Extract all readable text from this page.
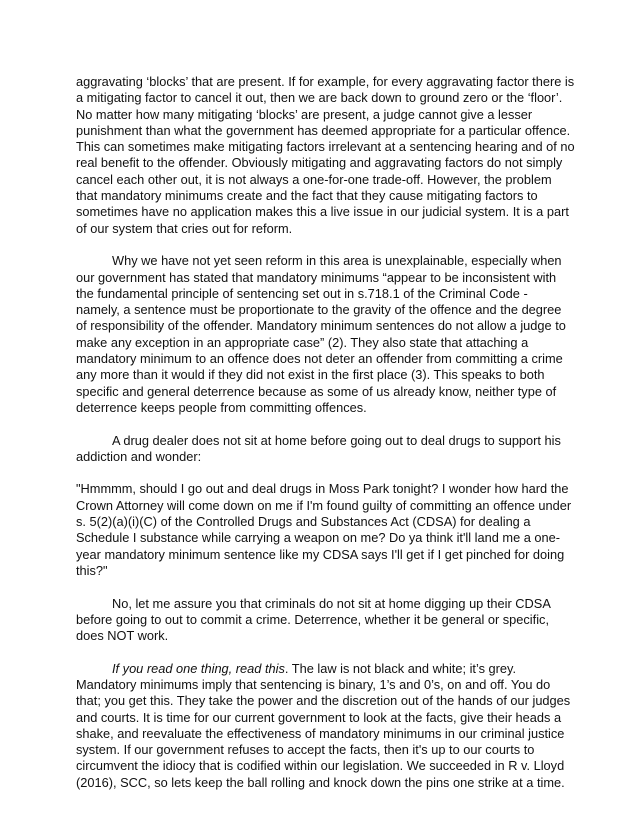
aggravating ‘blocks’ that are present. If for example, for every aggravating factor there is
a mitigating factor to cancel it out, then we are back down to ground zero or the ‘floor’.
No matter how many mitigating ‘blocks’ are present, a judge cannot give a lesser
punishment than what the government has deemed appropriate for a particular offence.
This can sometimes make mitigating factors irrelevant at a sentencing hearing and of no
real benefit to the offender. Obviously mitigating and aggravating factors do not simply
cancel each other out, it is not always a one-for-one trade-off. However, the problem
that mandatory minimums create and the fact that they cause mitigating factors to
sometimes have no application makes this a live issue in our judicial system. It is a part
of our system that cries out for reform.
Why we have not yet seen reform in this area is unexplainable, especially when
our government has stated that mandatory minimums “appear to be inconsistent with
the fundamental principle of sentencing set out in s.718.1 of the Criminal Code -
namely, a sentence must be proportionate to the gravity of the offence and the degree
of responsibility of the offender. Mandatory minimum sentences do not allow a judge to
make any exception in an appropriate case” (2). They also state that attaching a
mandatory minimum to an offence does not deter an offender from committing a crime
any more than it would if they did not exist in the first place (3). This speaks to both
specific and general deterrence because as some of us already know, neither type of
deterrence keeps people from committing offences.
A drug dealer does not sit at home before going out to deal drugs to support his
addiction and wonder:
"Hmmmm, should I go out and deal drugs in Moss Park tonight? I wonder how hard the
Crown Attorney will come down on me if I'm found guilty of committing an offence under
s. 5(2)(a)(i)(C) of the Controlled Drugs and Substances Act (CDSA) for dealing a
Schedule I substance while carrying a weapon on me? Do ya think it'll land me a one-
year mandatory minimum sentence like my CDSA says I'll get if I get pinched for doing
this?"
No, let me assure you that criminals do not sit at home digging up their CDSA
before going to out to commit a crime. Deterrence, whether it be general or specific,
does NOT work.
If you read one thing, read this. The law is not black and white; it’s grey.
Mandatory minimums imply that sentencing is binary, 1’s and 0’s, on and off. You do
that; you get this. They take the power and the discretion out of the hands of our judges
and courts. It is time for our current government to look at the facts, give their heads a
shake, and reevaluate the effectiveness of mandatory minimums in our criminal justice
system. If our government refuses to accept the facts, then it's up to our courts to
circumvent the idiocy that is codified within our legislation. We succeeded in R v. Lloyd
(2016), SCC, so lets keep the ball rolling and knock down the pins one strike at a time.
